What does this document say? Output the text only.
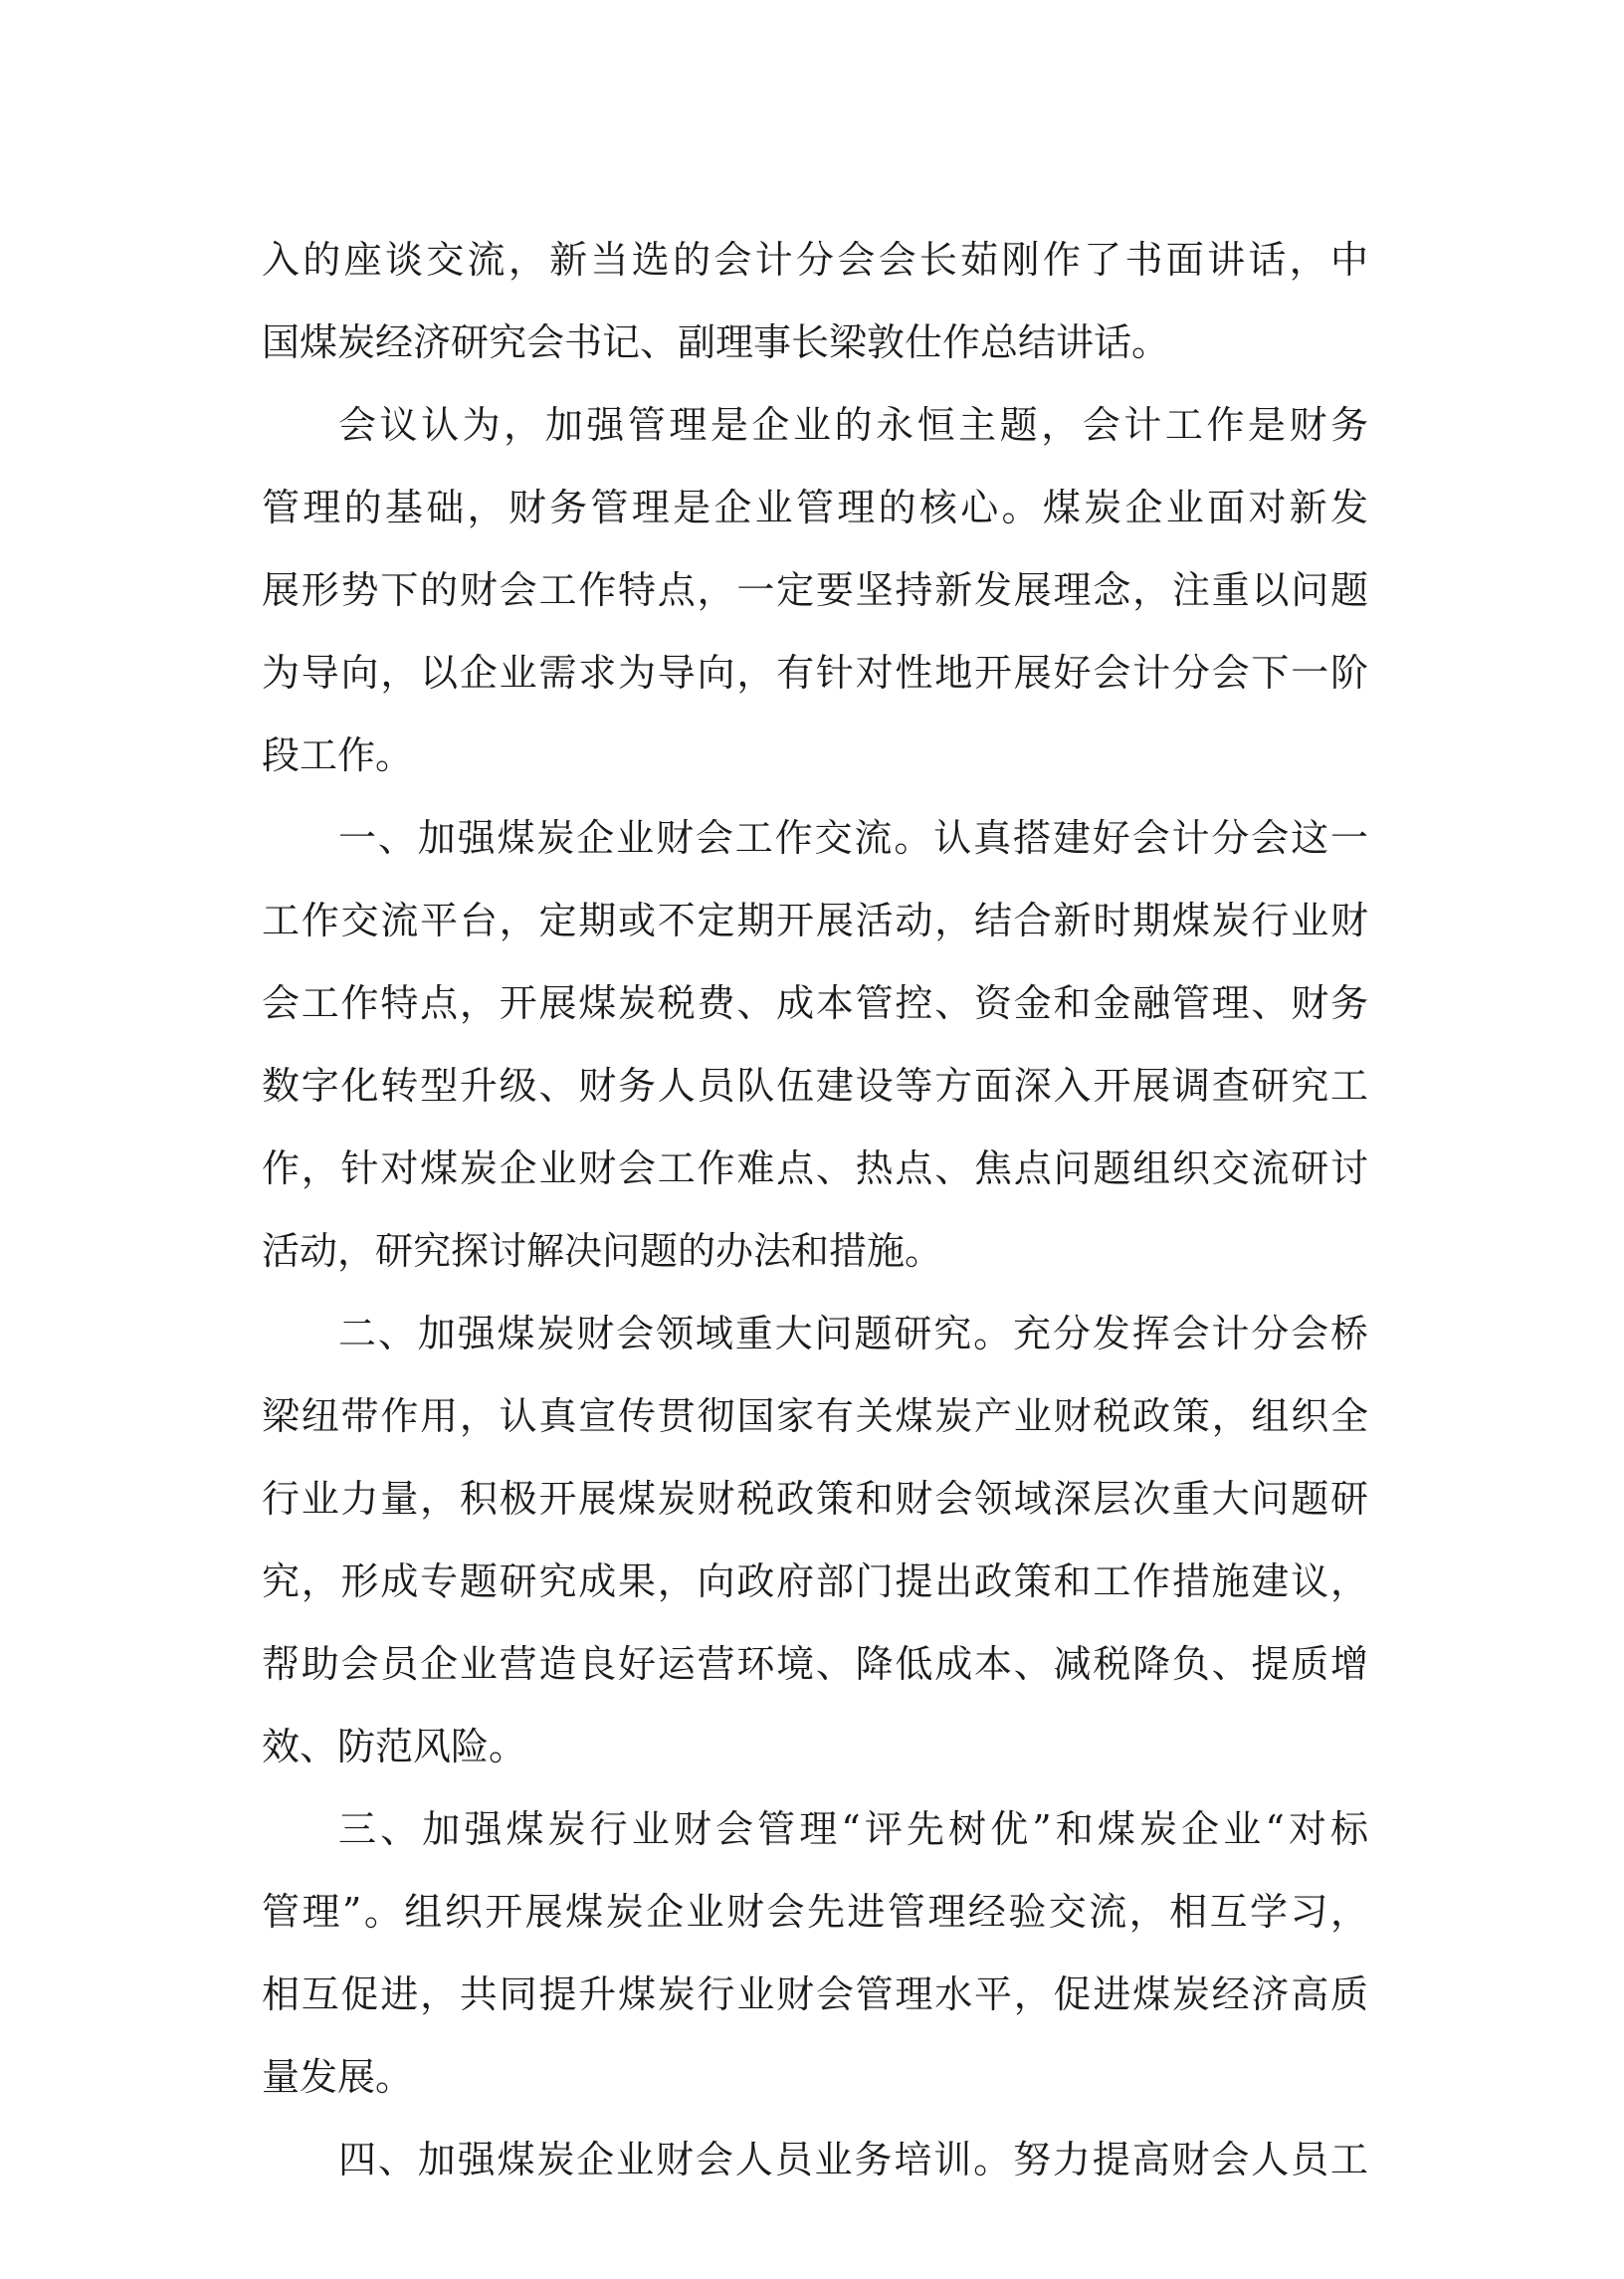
入的座谈交流，新当选的会计分会会长茹刚作了书面讲话，中
国煤炭经济研究会书记、副理事长梁敦仕作总结讲话。
会议认为，加强管理是企业的永恒主题，会计工作是财务
管理的基础，财务管理是企业管理的核心。煤炭企业面对新发
展形势下的财会工作特点，一定要坚持新发展理念，注重以问题
为导向，以企业需求为导向，有针对性地开展好会计分会下一阶
段工作。
一、加强煤炭企业财会工作交流。认真搭建好会计分会这一
工作交流平台，定期或不定期开展活动，结合新时期煤炭行业财
会工作特点，开展煤炭税费、成本管控、资金和金融管理、财务
数字化转型升级、财务人员队伍建设等方面深入开展调查研究工
作，针对煤炭企业财会工作难点、热点、焦点问题组织交流研讨
活动，研究探讨解决问题的办法和措施。
二、加强煤炭财会领域重大问题研究。充分发挥会计分会桥
梁纽带作用，认真宣传贯彻国家有关煤炭产业财税政策，组织全
行业力量，积极开展煤炭财税政策和财会领域深层次重大问题研
究，形成专题研究成果，向政府部门提出政策和工作措施建议，
帮助会员企业营造良好运营环境、降低成本、减税降负、提质增
效、防范风险。
三、加强煤炭行业财会管理“评先树优”和煤炭企业“对标
管理”。组织开展煤炭企业财会先进管理经验交流，相互学习，
相互促进，共同提升煤炭行业财会管理水平，促进煤炭经济高质
量发展。
四、加强煤炭企业财会人员业务培训。努力提高财会人员工
